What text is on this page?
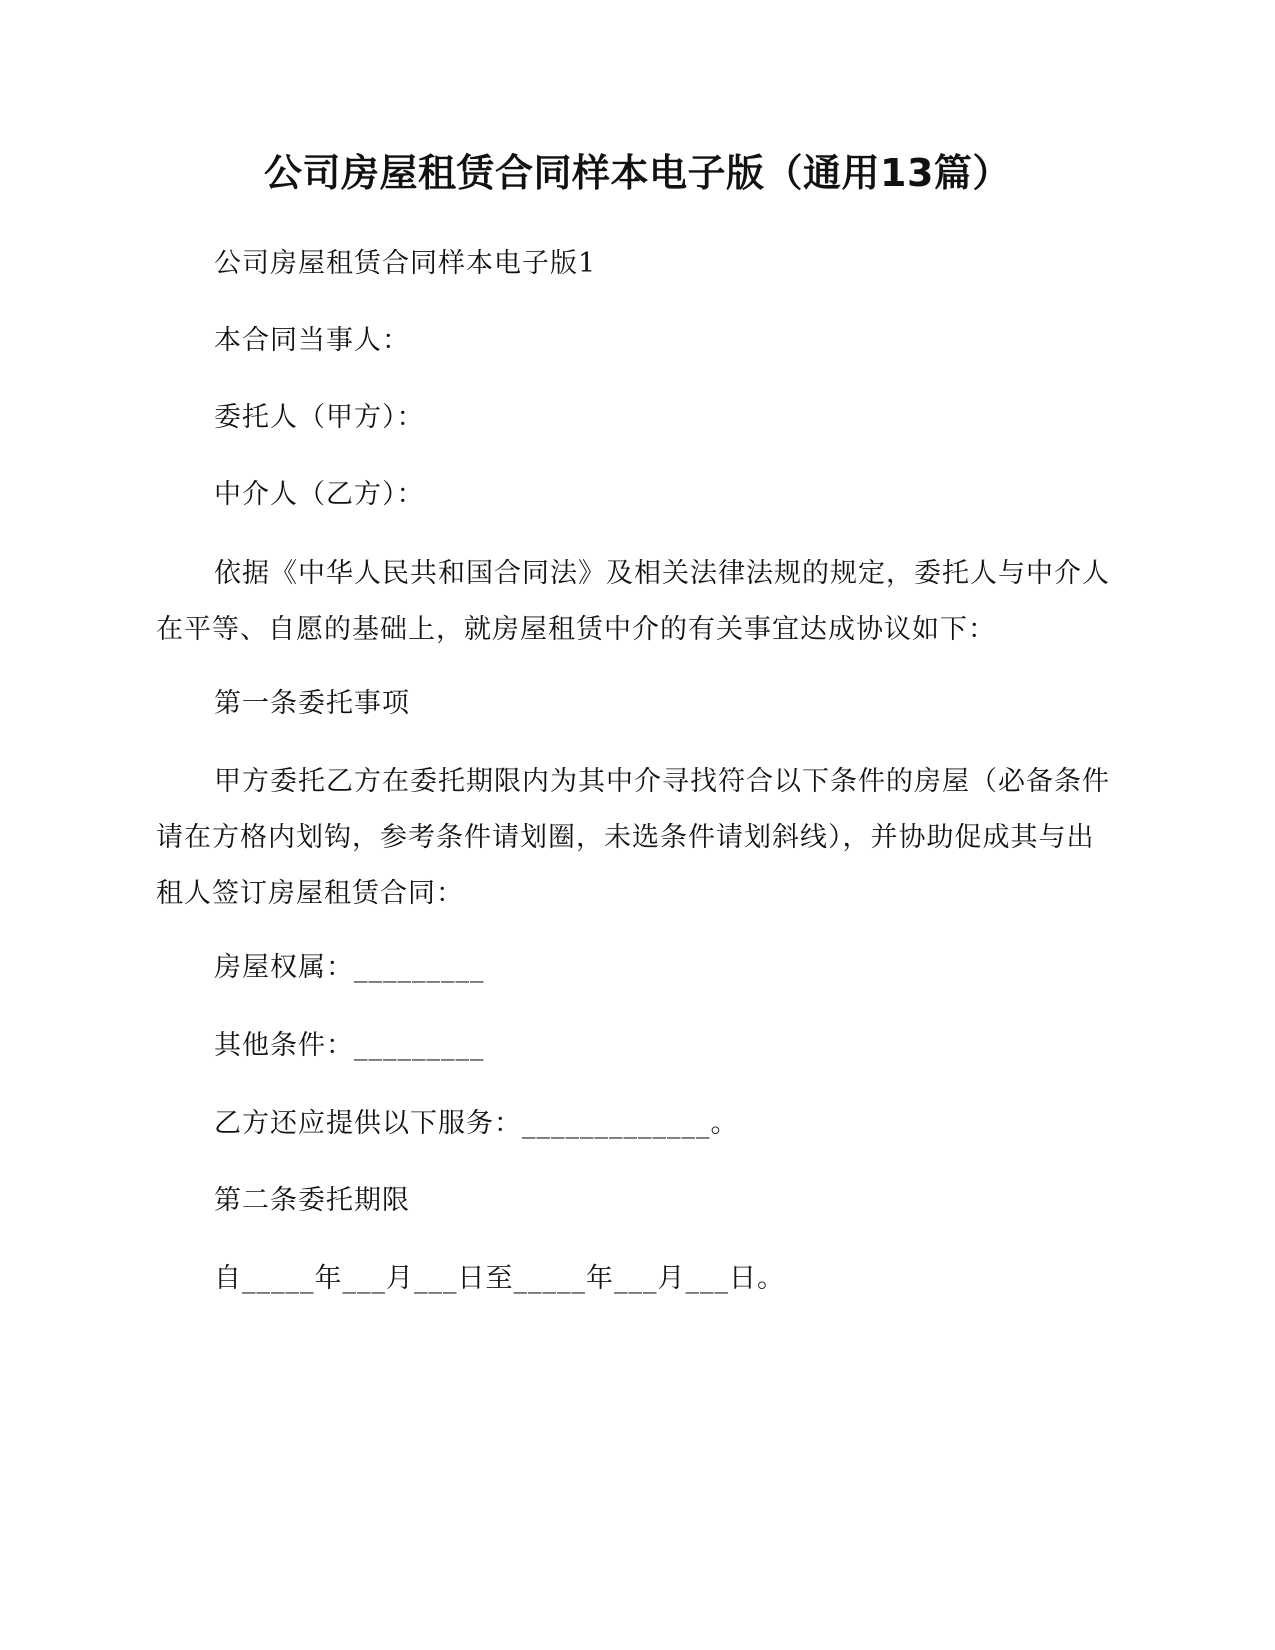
公司房屋租赁合同样本电子版（通用13篇）
公司房屋租赁合同样本电子版1
本合同当事人：
委托人（甲方）：
中介人（乙方）：
依据《中华人民共和国合同法》及相关法律法规的规定，委托人与中介人在平等、自愿的基础上，就房屋租赁中介的有关事宜达成协议如下：
第一条委托事项
甲方委托乙方在委托期限内为其中介寻找符合以下条件的房屋（必备条件请在方格内划钩，参考条件请划圈，未选条件请划斜线），并协助促成其与出租人签订房屋租赁合同：
房屋权属：_________
其他条件：_________
乙方还应提供以下服务：_____________。
第二条委托期限
自_____年___月___日至_____年___月___日。
